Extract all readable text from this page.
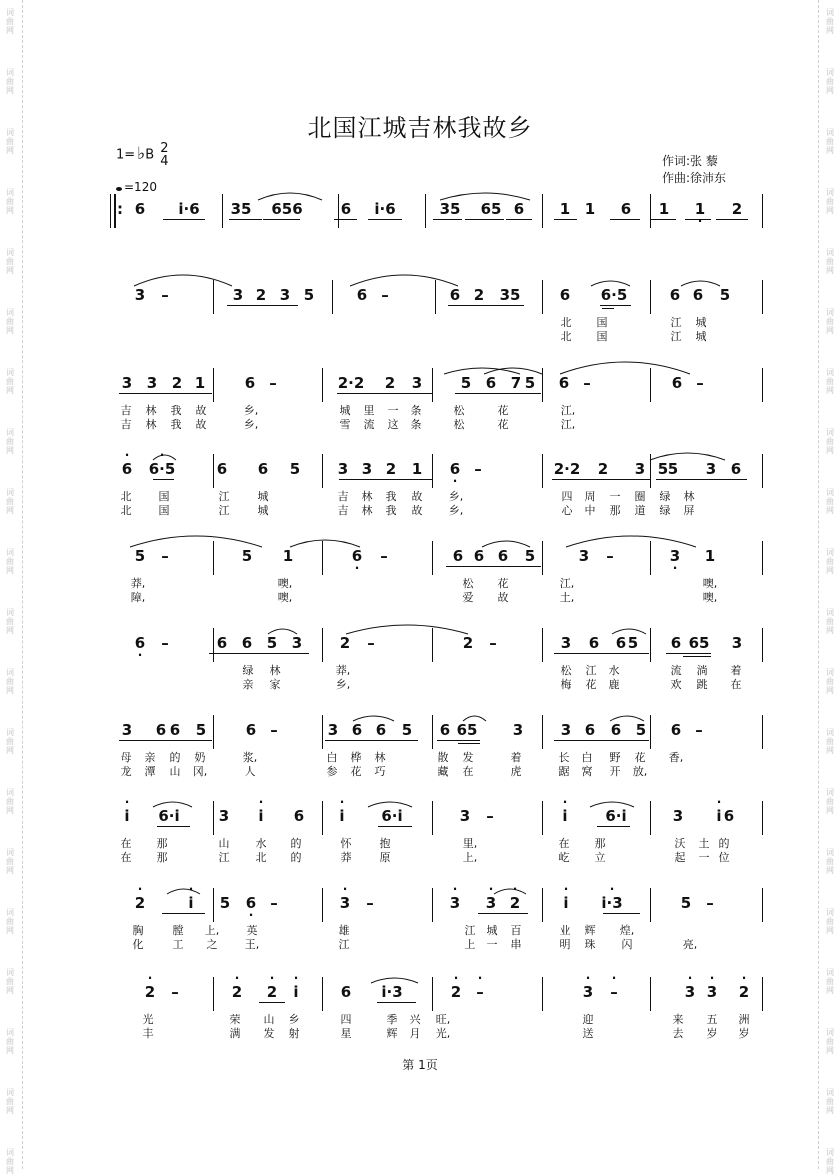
词
曲
网
词
曲
网
词
曲
网
词
曲
网
词
曲
网
词
曲
网
词
曲
网
词
曲
网
词
曲
网
词
曲
网
词
曲
网
词
曲
网
词
曲
网
词
曲
网
词
曲
网
词
曲
网
词
曲
网
词
曲
网
词
曲
网
词
曲
网
词
曲
网
词
曲
网
词
曲
网
词
曲
网
词
曲
网
词
曲
网
词
曲
网
词
曲
网
词
曲
网
词
曲
网
词
曲
网
词
曲
网
词
曲
网
词
曲
网
词
曲
网
词
曲
网
词
曲
网
词
曲
网
词
曲
网
词
曲
网
北国江城吉林我故乡
1= ♭B 2
4
=120
作词:张 藜
作曲:徐沛东
: 6 i·6 35 656	6 i·6	35 65 6 1 1 6 1 1 2
·
3 –	3 2 3 5	6 –	6 2 35	6 6·5	6 6 5
北 国	江 城
北 国	江 城
3 3 2 1	6 –	2·2 2 3	5 6 7 5 6 –	6 –
吉 林 我 故	乡,	城 里 一 条	松	花	江,
吉 林 我 故	乡,	雪 流 这 条	松	花	江,
6 6·5	6 6 5	3 3 2 1 6 –	2·2 2 3 5 5 3 6
·	·
·
北 国	江	城	吉 林 我 故 乡,	四 周 一 圈 绿 林
北 国	江	城	吉 林 我 故 乡,	心 中 那 道 绿 屏
5 –	5 1	6 –	6 6 6 5	3 –	3 1
·	·
莽,	噢,	松 花	江,	噢,
障,	噢,	爱 故	土,	噢,
6 –	6 6 5 3	2 –	2 –	3 6 6 5 6 65 3
·
绿 林	莽,	松 江 水	流 淌 着
亲 家	乡,	梅 花 鹿	欢 跳 在
3 6 6 5	6 –	3 6 6 5 6 65 3	3 6 6 5 6 –
母 亲 的 奶	浆,	白 桦 林	散 发	着	长 白 野 花 香,
龙 潭 山 冈,	人	参 花 巧	藏 在	虎	踞 窝 开 放,
i 6·i	3 i 6 i 6·i	3 –	i	6·i	3 i 6
·	·	·	·	·
在 那	山 水 的	怀	抱	里,	在 那	沃 土 的
在 那	江 北 的	莽	原	上,	屹 立	起 一 位
2	i 5 6 –	3 –	3 3 2	i i·3	5 –
·	·	·	·	· ·	·	·
·
胸	膛 上, 英	雄	江 城 百	业 辉 煌,
化	工 之 王,	江	上 一 串	明 珠 闪	亮,
2 –	2 2 i	6 i·3	2 –	3 –	3 3 2
·	·	· ·	·
·	·	·	·	· ·
光	荣 山 乡	四	季 兴 旺,	迎	来 五 洲
丰	满 发 射	星	辉 月 光,	送	去 岁 岁
第 1页
